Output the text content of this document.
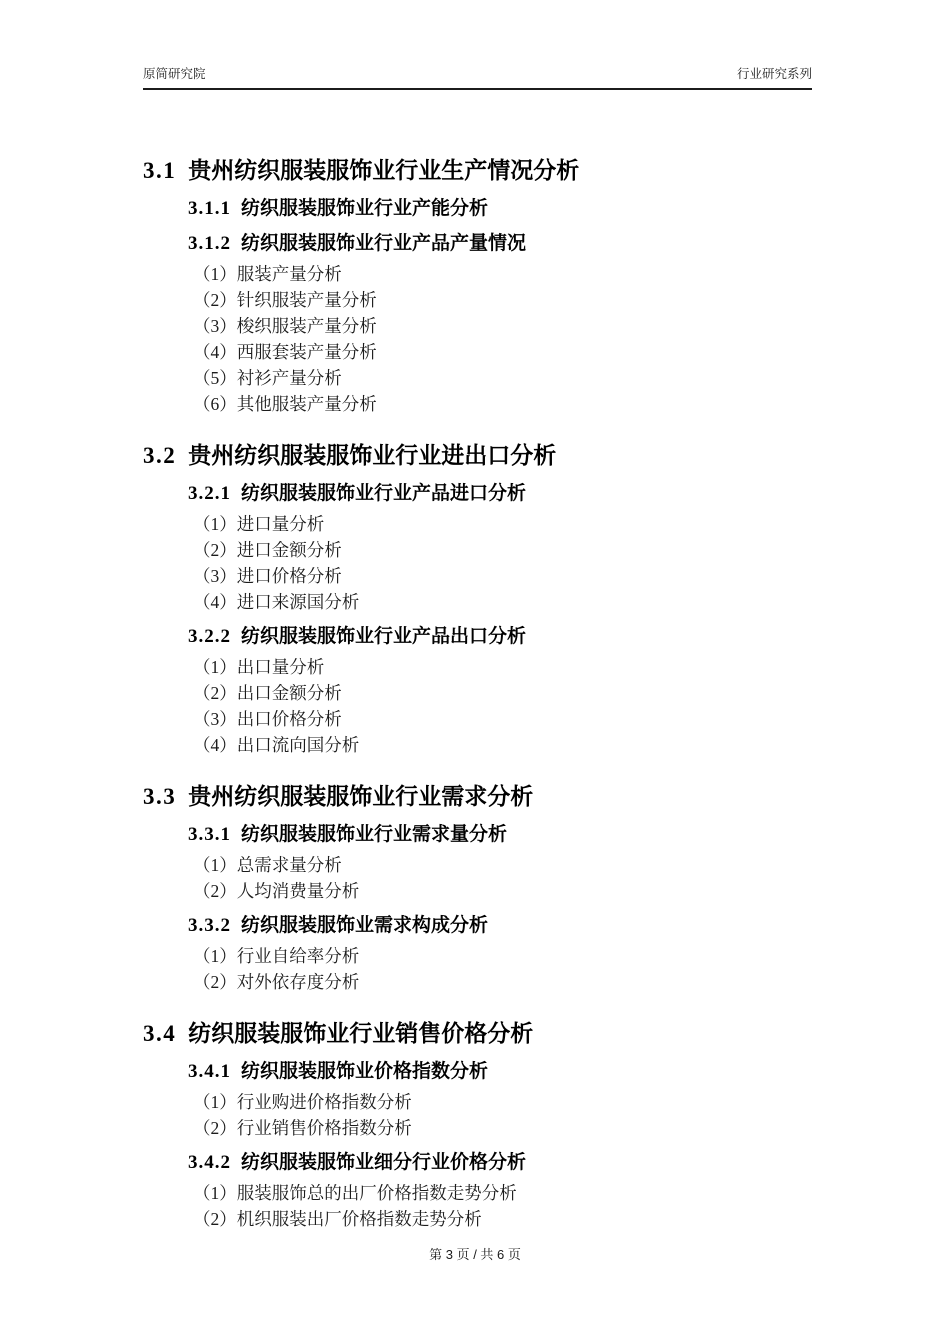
原简研究院	行业研究系列
3.1 贵州纺织服装服饰业行业生产情况分析
3.1.1 纺织服装服饰业行业产能分析
3.1.2 纺织服装服饰业行业产品产量情况
（1）服装产量分析
（2）针织服装产量分析
（3）梭织服装产量分析
（4）西服套装产量分析
（5）衬衫产量分析
（6）其他服装产量分析
3.2 贵州纺织服装服饰业行业进出口分析
3.2.1 纺织服装服饰业行业产品进口分析
（1）进口量分析
（2）进口金额分析
（3）进口价格分析
（4）进口来源国分析
3.2.2 纺织服装服饰业行业产品出口分析
（1）出口量分析
（2）出口金额分析
（3）出口价格分析
（4）出口流向国分析
3.3 贵州纺织服装服饰业行业需求分析
3.3.1 纺织服装服饰业行业需求量分析
（1）总需求量分析
（2）人均消费量分析
3.3.2 纺织服装服饰业需求构成分析
（1）行业自给率分析
（2）对外依存度分析
3.4 纺织服装服饰业行业销售价格分析
3.4.1 纺织服装服饰业价格指数分析
（1）行业购进价格指数分析
（2）行业销售价格指数分析
3.4.2 纺织服装服饰业细分行业价格分析
（1）服装服饰总的出厂价格指数走势分析
（2）机织服装出厂价格指数走势分析
第 3 页 / 共 6 页
